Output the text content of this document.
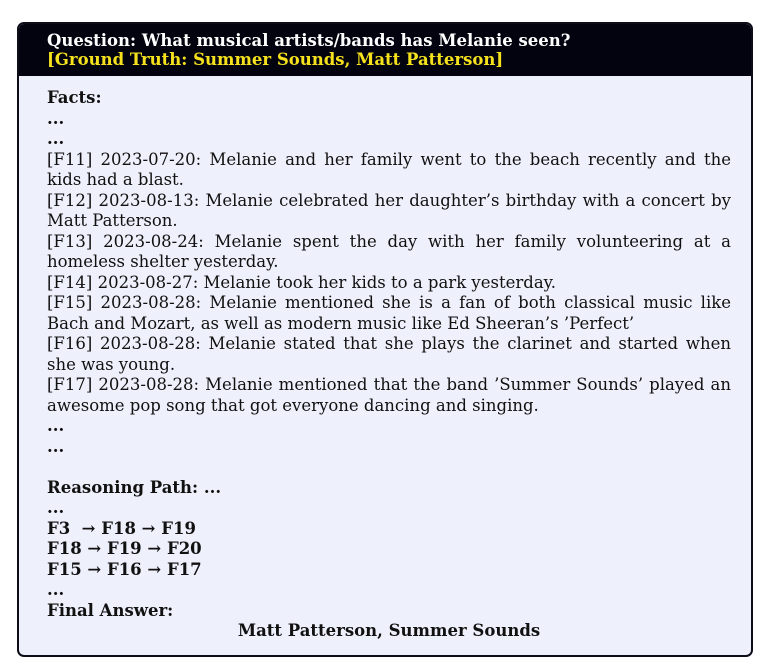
Question: What musical artists/bands has Melanie seen?
[Ground Truth: Summer Sounds, Matt Patterson]

Facts:

...

...

[F11] 2023-07-20: Melanie and her family went to the beach recently and the kids had a blast.

[F12] 2023-08-13: Melanie celebrated her daughter’s birthday with a concert by Matt Patterson.

[F13] 2023-08-24: Melanie spent the day with her family volunteering at a homeless shelter yesterday.

[F14] 2023-08-27: Melanie took her kids to a park yesterday.

[F15] 2023-08-28: Melanie mentioned she is a fan of both classical music like Bach and Mozart, as well as modern music like Ed Sheeran’s ’Perfect’

[F16] 2023-08-28: Melanie stated that she plays the clarinet and started when she was young.

[F17] 2023-08-28: Melanie mentioned that the band ’Summer Sounds’ played an awesome pop song that got everyone dancing and singing.

...

...

Reasoning Path: ...

...

F3  → F18 → F19

F18 → F19 → F20

F15 → F16 → F17

...

Final Answer:

Matt Patterson, Summer Sounds
